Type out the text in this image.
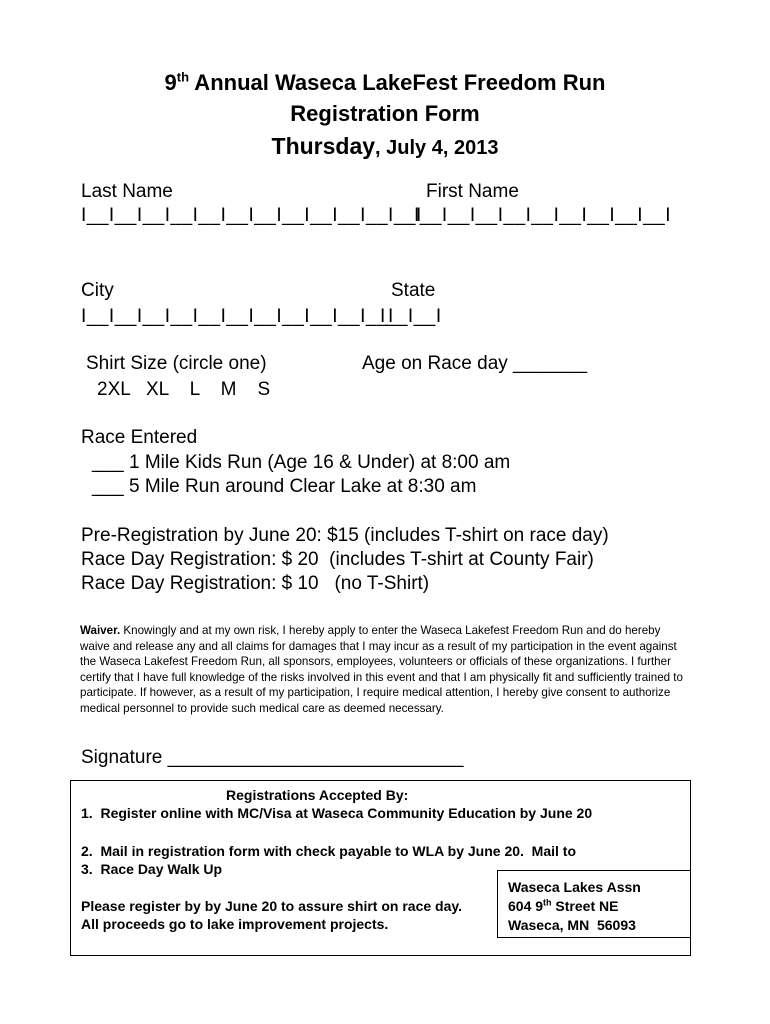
9th Annual Waseca LakeFest Freedom Run
Registration Form
Thursday, July 4, 2013
Last Name	First Name
I__I__I__I__I__I__I__I__I__I__I__I__I
I__I__I__I__I__I__I__I__I__I
City	State
I__I__I__I__I__I__I__I__I__I__I__I
I__I__I
Shirt Size (circle one)	Age on Race day _______
2XL   XL    L    M    S
Race Entered
___ 1 Mile Kids Run (Age 16 & Under) at 8:00 am
___ 5 Mile Run around Clear Lake at 8:30 am
Pre-Registration by June 20: $15 (includes T-shirt on race day)
Race Day Registration: $ 20  (includes T-shirt at County Fair)
Race Day Registration: $ 10   (no T-Shirt)
Waiver. Knowingly and at my own risk, I hereby apply to enter the Waseca Lakefest Freedom Run and do hereby waive and release any and all claims for damages that I may incur as a result of my participation in the event against the Waseca Lakefest Freedom Run, all sponsors, employees, volunteers or officials of these organizations. I further certify that I have full knowledge of the risks involved in this event and that I am physically fit and sufficiently trained to participate. If however, as a result of my participation, I require medical attention, I hereby give consent to authorize medical personnel to provide such medical care as deemed necessary.
Signature ____________________________
Registrations Accepted By:
1.  Register online with MC/Visa at Waseca Community Education by June 20
2.  Mail in registration form with check payable to WLA by June 20.  Mail to
3.  Race Day Walk Up
Please register by by June 20 to assure shirt on race day.
All proceeds go to lake improvement projects.
Waseca Lakes Assn
604 9th Street NE
Waseca, MN  56093
